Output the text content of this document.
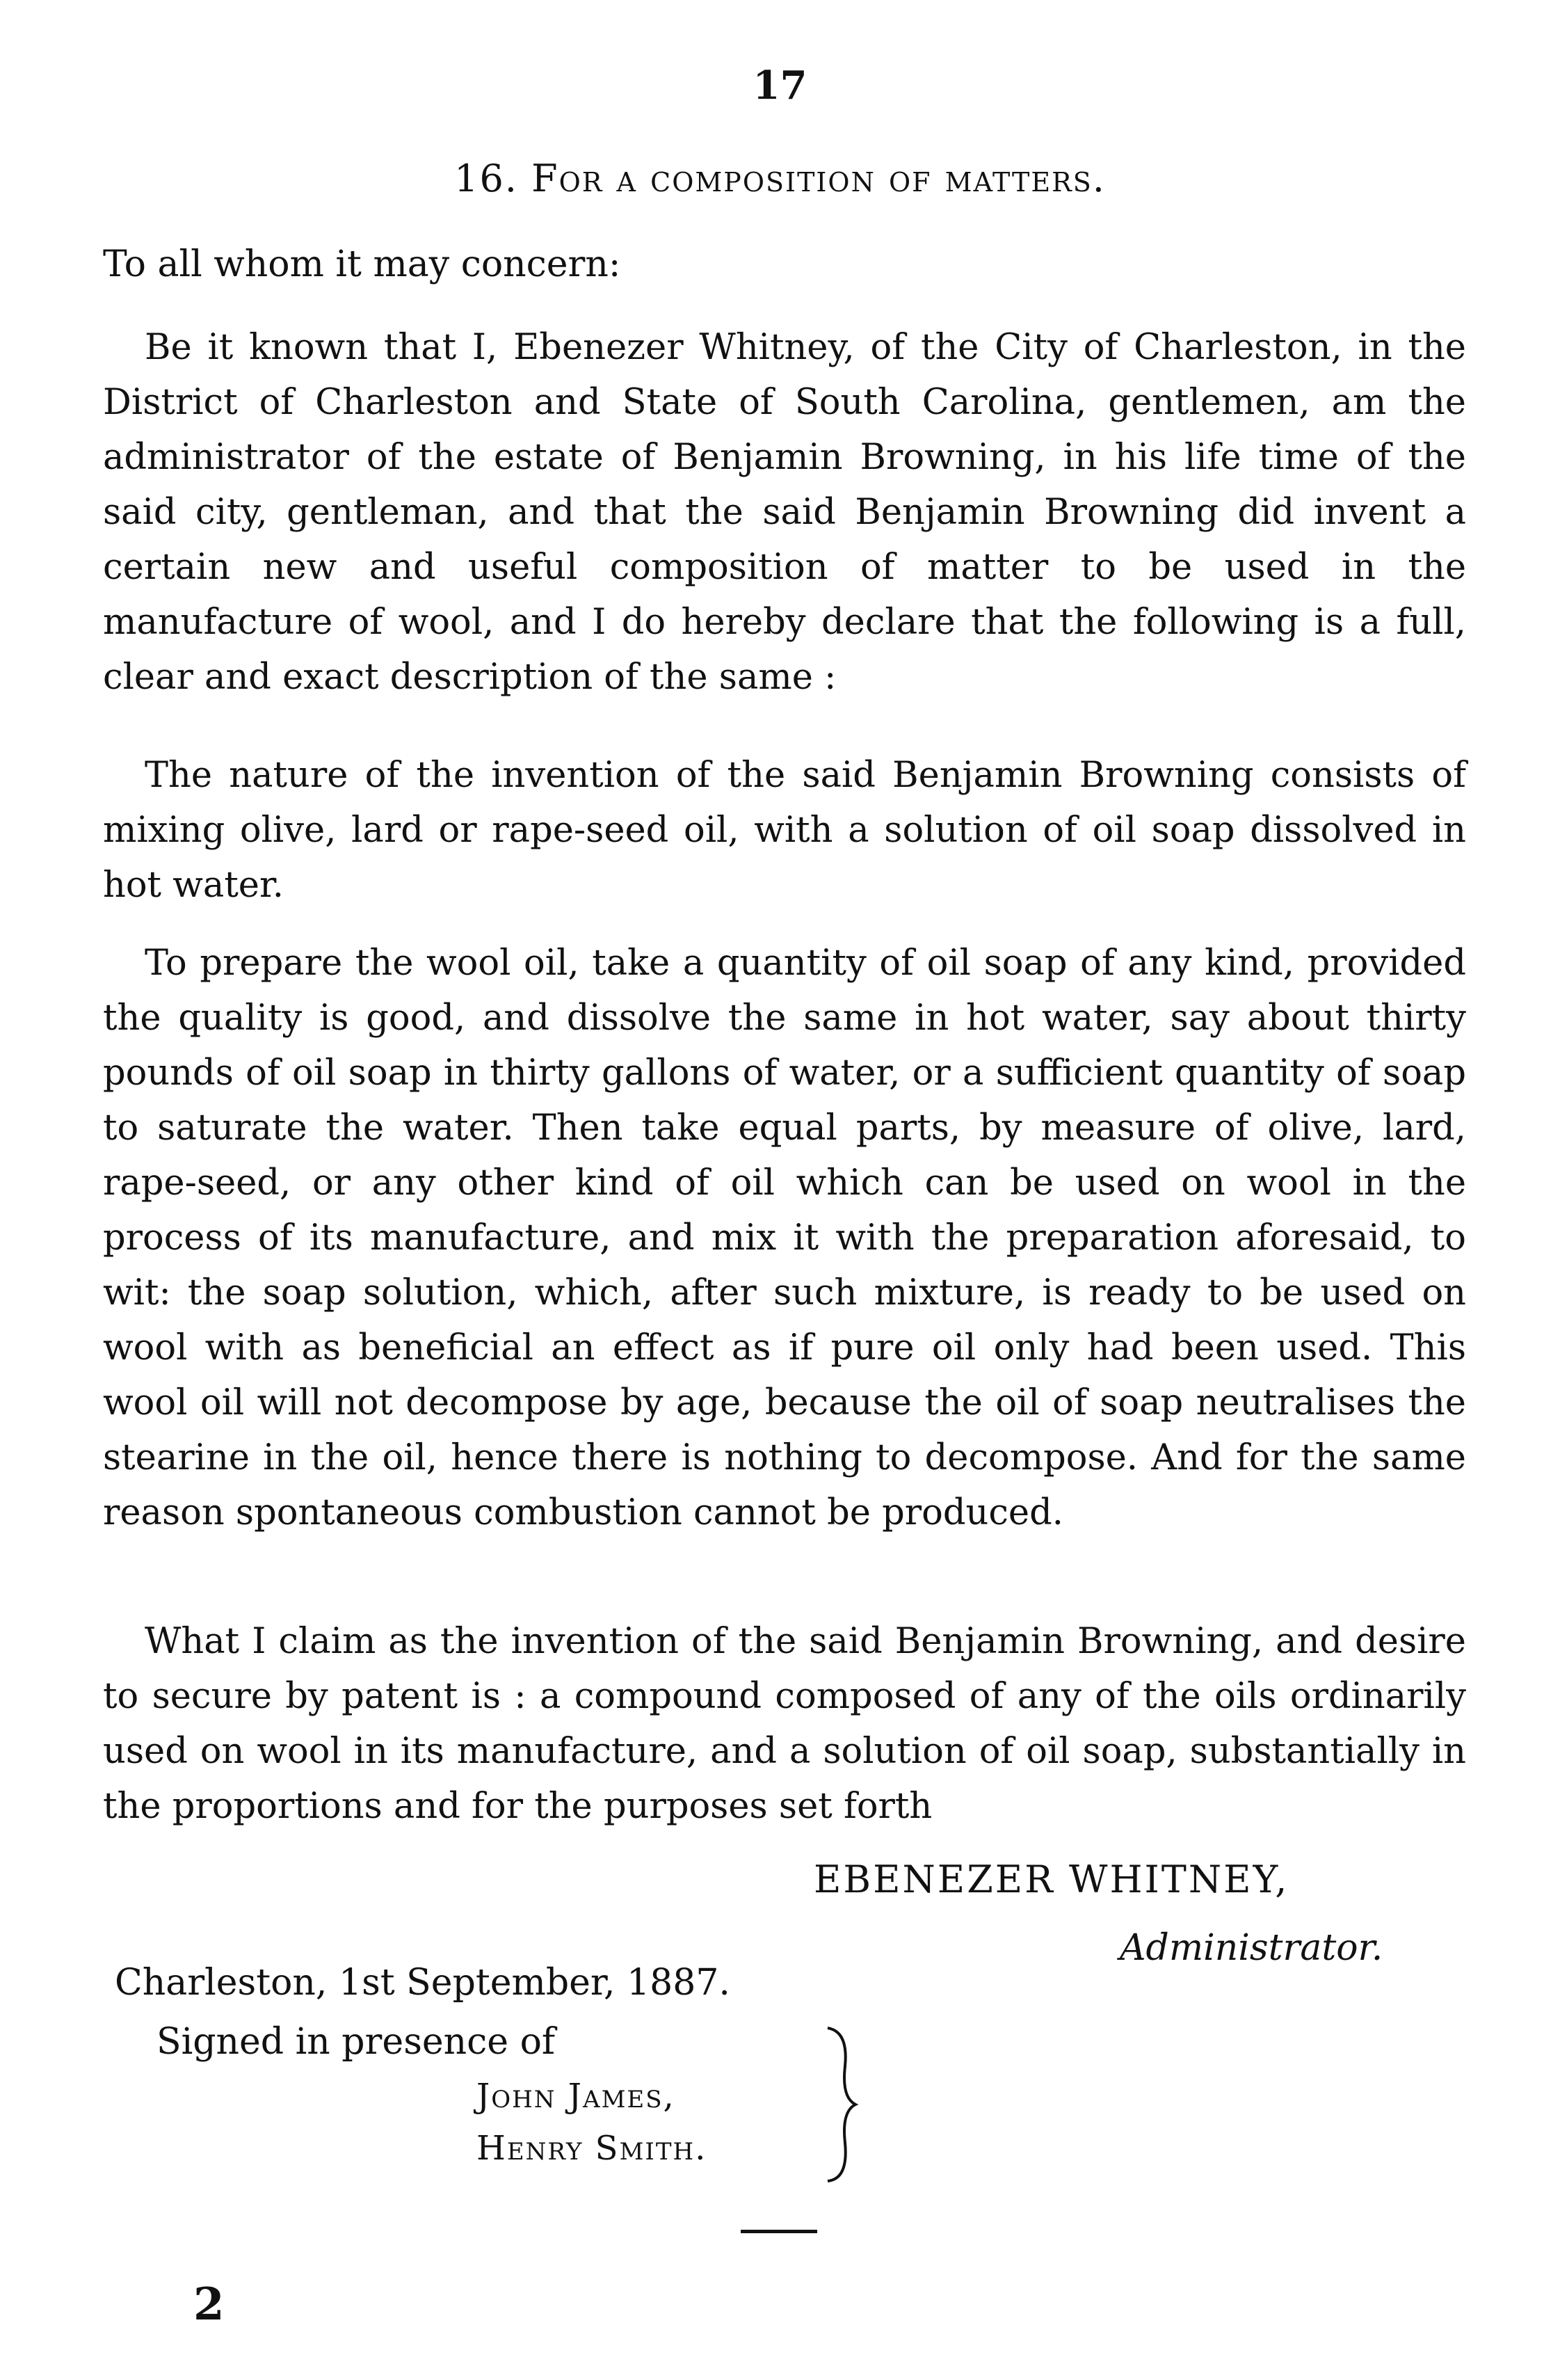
17
16. For a composition of matters.
To all whom it may concern:

Be it known that I, Ebenezer Whitney, of the City of Charleston, in the District of Charleston and State of South Carolina, gentlemen, am the administrator of the estate of Benjamin Browning, in his life time of the said city, gentleman, and that the said Benjamin Browning did invent a certain new and useful composition of matter to be used in the manufacture of wool, and I do hereby declare that the following is a full, clear and exact description of the same :

The nature of the invention of the said Benjamin Browning consists of mixing olive, lard or rape-seed oil, with a solution of oil soap dissolved in hot water.

To prepare the wool oil, take a quantity of oil soap of any kind, provided the quality is good, and dissolve the same in hot water, say about thirty pounds of oil soap in thirty gallons of water, or a sufficient quantity of soap to saturate the water. Then take equal parts, by measure of olive, lard, rape-seed, or any other kind of oil which can be used on wool in the process of its manufacture, and mix it with the preparation aforesaid, to wit: the soap solution, which, after such mixture, is ready to be used on wool with as beneficial an effect as if pure oil only had been used. This wool oil will not decompose by age, because the oil of soap neutralises the stearine in the oil, hence there is nothing to decompose. And for the same reason spontaneous combustion cannot be produced.

What I claim as the invention of the said Benjamin Browning, and desire to secure by patent is : a compound composed of any of the oils ordinarily used on wool in its manufacture, and a solution of oil soap, substantially in the proportions and for the purposes set forth

EBENEZER WHITNEY,
Administrator.
Charleston, 1st September, 1887.
Signed in presence of
John James,
Henry Smith.
2
